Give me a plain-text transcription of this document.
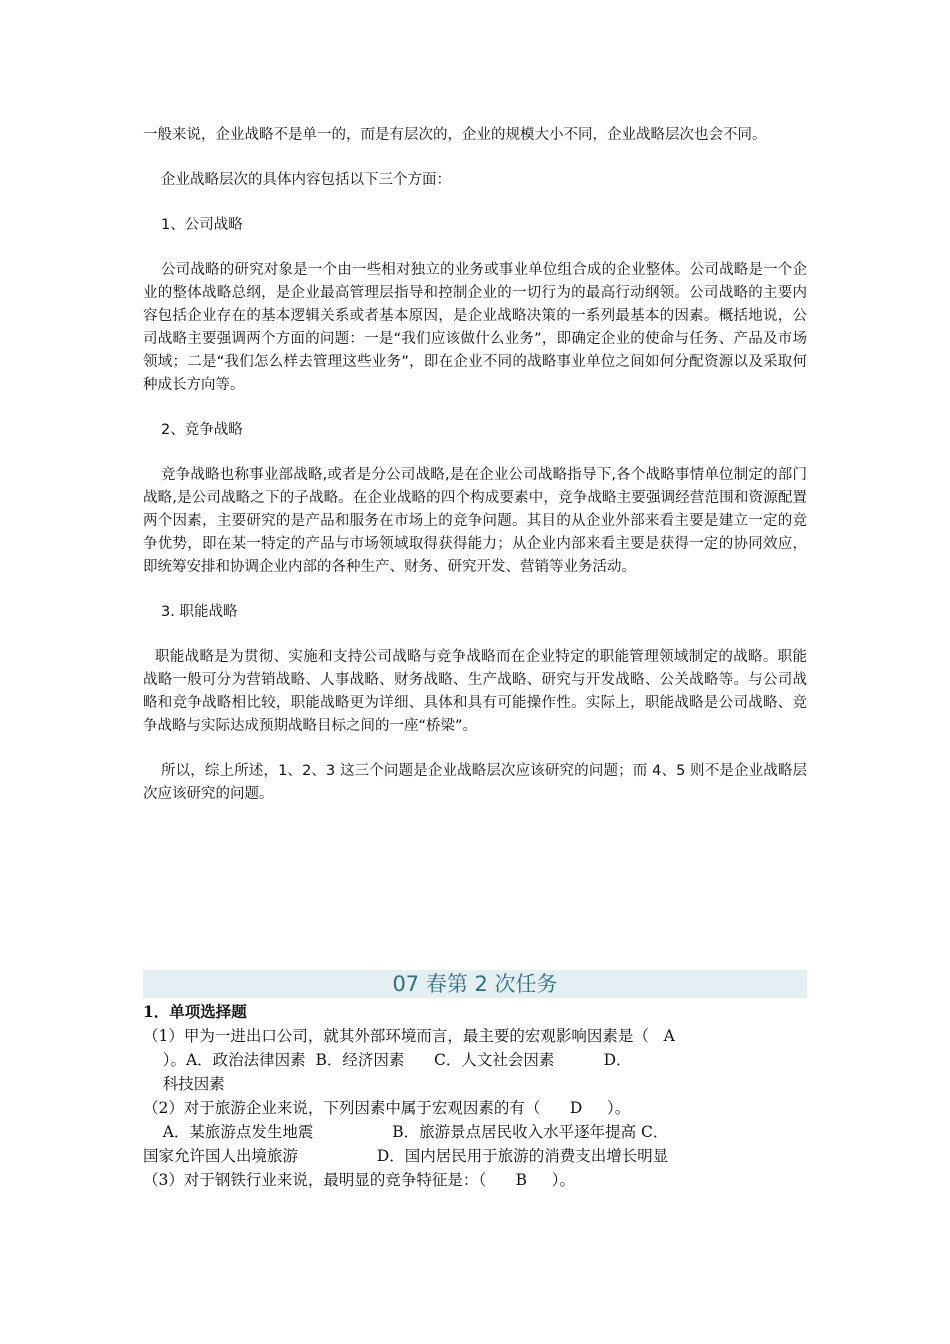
一般来说，企业战略不是单一的，而是有层次的，企业的规模大小不同，企业战略层次也会不同。

企业战略层次的具体内容包括以下三个方面：

1、公司战略

公司战略的研究对象是一个由一些相对独立的业务或事业单位组合成的企业整体。公司战略是一个企业的整体战略总纲，是企业最高管理层指导和控制企业的一切行为的最高行动纲领。公司战略的主要内容包括企业存在的基本逻辑关系或者基本原因，是企业战略决策的一系列最基本的因素。概括地说，公司战略主要强调两个方面的问题：一是“我们应该做什么业务”，即确定企业的使命与任务、产品及市场领域；二是“我们怎么样去管理这些业务”，即在企业不同的战略事业单位之间如何分配资源以及采取何种成长方向等。

2、竞争战略

竞争战略也称事业部战略,或者是分公司战略,是在企业公司战略指导下,各个战略事情单位制定的部门战略,是公司战略之下的子战略。在企业战略的四个构成要素中，竞争战略主要强调经营范围和资源配置两个因素，主要研究的是产品和服务在市场上的竞争问题。其目的从企业外部来看主要是建立一定的竞争优势，即在某一特定的产品与市场领域取得获得能力；从企业内部来看主要是获得一定的协同效应，即统筹安排和协调企业内部的各种生产、财务、研究开发、营销等业务活动。

3. 职能战略

职能战略是为贯彻、实施和支持公司战略与竞争战略而在企业特定的职能管理领域制定的战略。职能战略一般可分为营销战略、人事战略、财务战略、生产战略、研究与开发战略、公关战略等。与公司战略和竞争战略相比较，职能战略更为详细、具体和具有可能操作性。实际上，职能战略是公司战略、竞争战略与实际达成预期战略目标之间的一座“桥梁”。

所以，综上所述，1、2、3 这三个问题是企业战略层次应该研究的问题；而 4、5 则不是企业战略层次应该研究的问题。

07 春第 2 次任务

1．单项选择题

（1）甲为一进出口公司，就其外部环境而言，最主要的宏观影响因素是（   A

）。A．政治法律因素  B．经济因素      C．人文社会因素          D．

科技因素

（2）对于旅游企业来说，下列因素中属于宏观因素的有（      D     ）。

A．某旅游点发生地震                B．旅游景点居民收入水平逐年提高 C．

国家允许国人出境旅游                D．国内居民用于旅游的消费支出增长明显

（3）对于钢铁行业来说，最明显的竞争特征是：（      B     ）。
